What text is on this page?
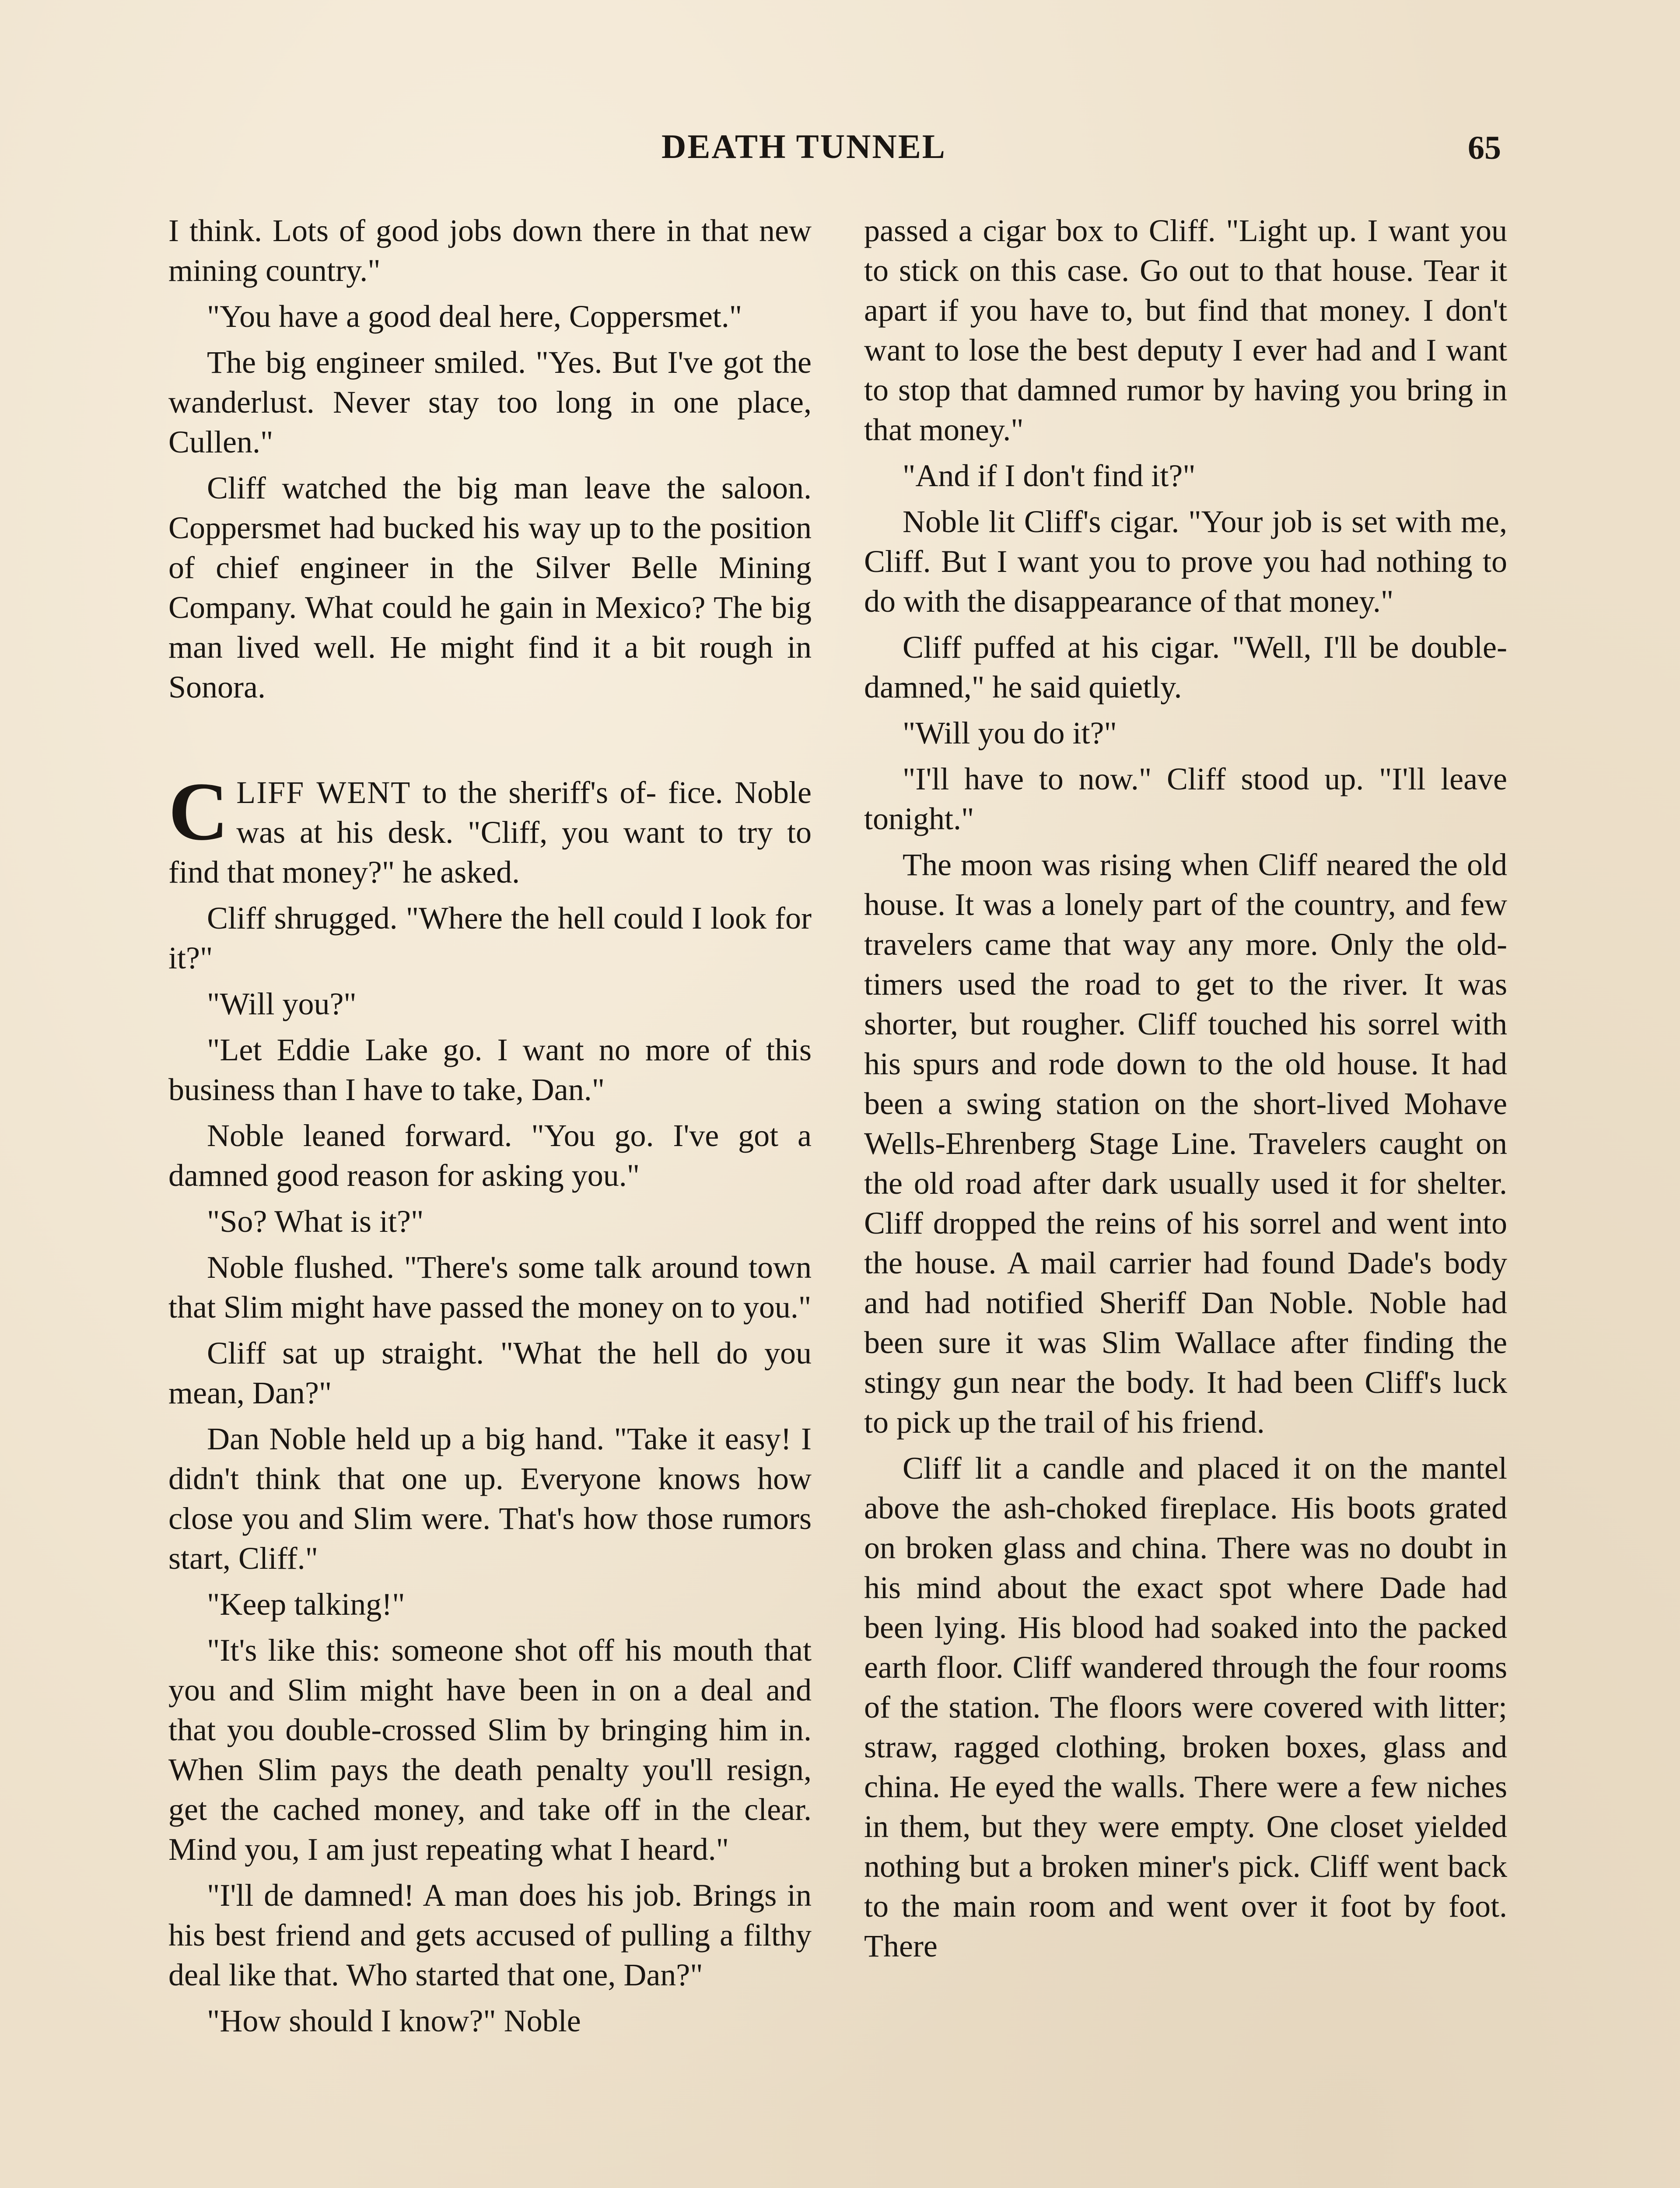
DEATH TUNNEL	65

I think. Lots of good jobs down there in that new mining country."

"You have a good deal here, Coppersmet."

The big engineer smiled. "Yes. But I've got the wanderlust. Never stay too long in one place, Cullen."

Cliff watched the big man leave the saloon. Coppersmet had bucked his way up to the position of chief engineer in the Silver Belle Mining Company. What could he gain in Mexico? The big man lived well. He might find it a bit rough in Sonora.

CLIFF WENT to the sheriff's of- fice. Noble was at his desk. "Cliff, you want to try to find that money?" he asked.

Cliff shrugged. "Where the hell could I look for it?"

"Will you?"

"Let Eddie Lake go. I want no more of this business than I have to take, Dan."

Noble leaned forward. "You go. I've got a damned good reason for asking you."

"So? What is it?"

Noble flushed. "There's some talk around town that Slim might have passed the money on to you."

Cliff sat up straight. "What the hell do you mean, Dan?"

Dan Noble held up a big hand. "Take it easy! I didn't think that one up. Everyone knows how close you and Slim were. That's how those rumors start, Cliff."

"Keep talking!"

"It's like this: someone shot off his mouth that you and Slim might have been in on a deal and that you double-crossed Slim by bringing him in. When Slim pays the death penalty you'll resign, get the cached money, and take off in the clear. Mind you, I am just repeating what I heard."

"I'll de damned! A man does his job. Brings in his best friend and gets accused of pulling a filthy deal like that. Who started that one, Dan?"

"How should I know?" Noble

passed a cigar box to Cliff. "Light up. I want you to stick on this case. Go out to that house. Tear it apart if you have to, but find that money. I don't want to lose the best deputy I ever had and I want to stop that damned rumor by having you bring in that money."

"And if I don't find it?"

Noble lit Cliff's cigar. "Your job is set with me, Cliff. But I want you to prove you had nothing to do with the disappearance of that money."

Cliff puffed at his cigar. "Well, I'll be double-damned," he said quietly.

"Will you do it?"

"I'll have to now." Cliff stood up. "I'll leave tonight."

The moon was rising when Cliff neared the old house. It was a lonely part of the country, and few travelers came that way any more. Only the old-timers used the road to get to the river. It was shorter, but rougher. Cliff touched his sorrel with his spurs and rode down to the old house. It had been a swing station on the short-lived Mohave Wells-Ehrenberg Stage Line. Travelers caught on the old road after dark usually used it for shelter. Cliff dropped the reins of his sorrel and went into the house. A mail carrier had found Dade's body and had notified Sheriff Dan Noble. Noble had been sure it was Slim Wallace after finding the stingy gun near the body. It had been Cliff's luck to pick up the trail of his friend.

Cliff lit a candle and placed it on the mantel above the ash-choked fireplace. His boots grated on broken glass and china. There was no doubt in his mind about the exact spot where Dade had been lying. His blood had soaked into the packed earth floor. Cliff wandered through the four rooms of the station. The floors were covered with litter; straw, ragged clothing, broken boxes, glass and china. He eyed the walls. There were a few niches in them, but they were empty. One closet yielded nothing but a broken miner's pick. Cliff went back to the main room and went over it foot by foot. There
